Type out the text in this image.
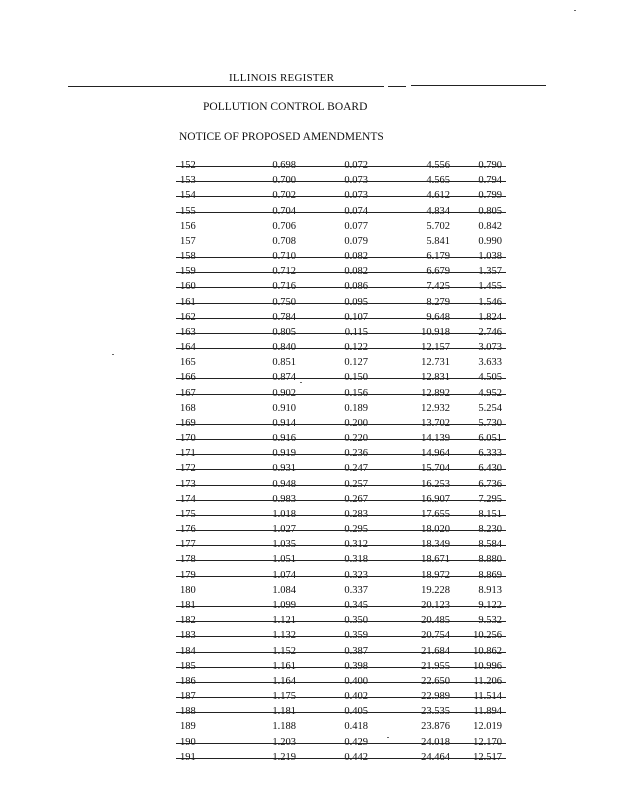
ILLINOIS REGISTER
POLLUTION CONTROL BOARD
NOTICE OF PROPOSED AMENDMENTS
152	0.698	0.072	4.556	0.790
153	0.700	0.073	4.565	0.794
154	0.702	0.073	4.612	0.799
155	0.704	0.074	4.834	0.805
156	0.706	0.077	5.702	0.842
157	0.708	0.079	5.841	0.990
158	0.710	0.082	6.179	1.038
159	0.712	0.082	6.679	1.357
160	0.716	0.086	7.425	1.455
161	0.750	0.095	8.279	1.546
162	0.784	0.107	9.648	1.824
163	0.805	0.115	10.918	2.746
164	0.840	0.122	12.157	3.073
165	0.851	0.127	12.731	3.633
166	0.874	0.150	12.831	4.505
167	0.902	0.156	12.892	4.952
168	0.910	0.189	12.932	5.254
169	0.914	0.200	13.702	5.730
170	0.916	0.220	14.139	6.051
171	0.919	0.236	14.964	6.333
172	0.931	0.247	15.704	6.430
173	0.948	0.257	16.253	6.736
174	0.983	0.267	16.907	7.295
175	1.018	0.283	17.655	8.151
176	1.027	0.295	18.020	8.230
177	1.035	0.312	18.349	8.584
178	1.051	0.318	18.671	8.880
179	1.074	0.323	18.972	8.869
180	1.084	0.337	19.228	8.913
181	1.099	0.345	20.123	9.122
182	1.121	0.350	20.485	9.532
183	1.132	0.359	20.754	10.256
184	1.152	0.387	21.684	10.862
185	1.161	0.398	21.955	10.996
186	1.164	0.400	22.650	11.206
187	1.175	0.402	22.989	11.514
188	1.181	0.405	23.535	11.894
189	1.188	0.418	23.876	12.019
190	1.203	0.429	24.018	12.170
191	1.219	0.442	24.464	12.517
